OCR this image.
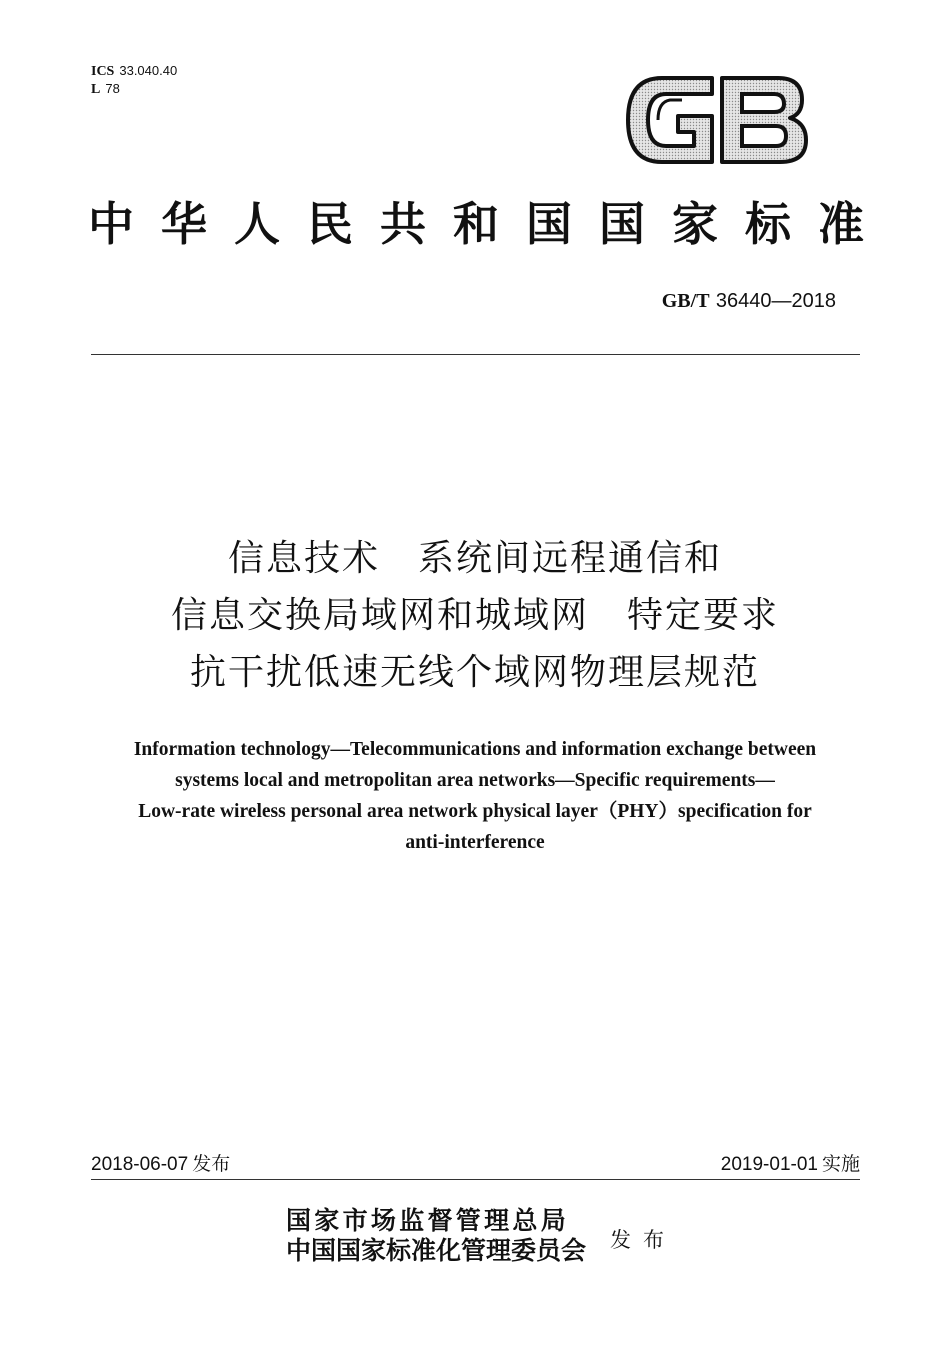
ICS 33.040.40
L 78
中 华 人 民 共 和 国 国 家 标 准
GB/T 36440—2018
信息技术　系统间远程通信和
信息交换局域网和城域网　特定要求
抗干扰低速无线个域网物理层规范
Information technology—Telecommunications and information exchange between
systems local and metropolitan area networks—Specific requirements—
Low-rate wireless personal area network physical layer（PHY）specification for
anti-interference
2018-06-07 发布	2019-01-01 实施
国家市场监督管理总局
中国国家标准化管理委员会 发布
